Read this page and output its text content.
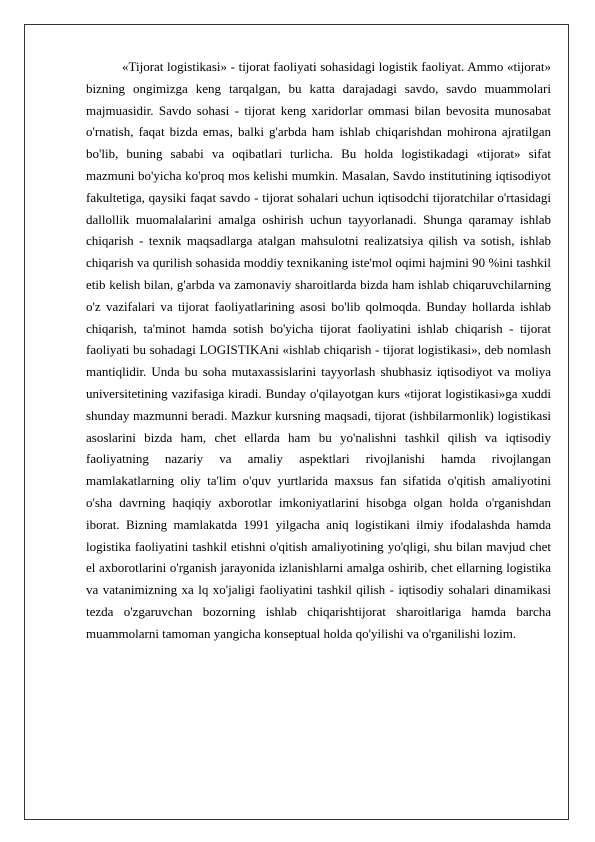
«Tijorat logistikasi» - tijorat faoliyati sohasidagi logistik faoliyat. Ammo «tijorat» bizning ongimizga keng tarqalgan, bu katta darajadagi savdo, savdo muammolari majmuasidir. Savdo sohasi - tijorat keng xaridorlar ommasi bilan bevosita munosabat o'rnatish, faqat bizda emas, balki g'arbda ham ishlab chiqarishdan mohirona ajratilgan bo'lib, buning sababi va oqibatlari turlicha. Bu holda logistikadagi «tijorat» sifat mazmuni bo'yicha ko'proq mos kelishi mumkin. Masalan, Savdo institutining iqtisodiyot fakultetiga, qaysiki faqat savdo - tijorat sohalari uchun iqtisodchi tijoratchilar o'rtasidagi dallollik muomalalarini amalga oshirish uchun tayyorlanadi. Shunga qaramay ishlab chiqarish - texnik maqsadlarga atalgan mahsulotni realizatsiya qilish va sotish, ishlab chiqarish va qurilish sohasida moddiy texnikaning iste'mol oqimi hajmini 90 %ini tashkil etib kelish bilan, g'arbda va zamonaviy sharoitlarda bizda ham ishlab chiqaruvchilarning o'z vazifalari va tijorat faoliyatlarining asosi bo'lib qolmoqda. Bunday hollarda ishlab chiqarish, ta'minot hamda sotish bo'yicha tijorat faoliyatini ishlab chiqarish - tijorat faoliyati bu sohadagi LOGISTIKAni «ishlab chiqarish - tijorat logistikasi», deb nomlash mantiqlidir. Unda bu soha mutaxassislarini tayyorlash shubhasiz iqtisodiyot va moliya universitetining vazifasiga kiradi. Bunday o'qilayotgan kurs «tijorat logistikasi»ga xuddi shunday mazmunni beradi. Mazkur kursning maqsadi, tijorat (ishbilarmonlik) logistikasi asoslarini bizda ham, chet ellarda ham bu yo'nalishni tashkil qilish va iqtisodiy faoliyatning nazariy va amaliy aspektlari rivojlanishi hamda rivojlangan mamlakatlarning oliy ta'lim o'quv yurtlarida maxsus fan sifatida o'qitish amaliyotini o'sha davrning haqiqiy axborotlar imkoniyatlarini hisobga olgan holda o'rganishdan iborat. Bizning mamlakatda 1991 yilgacha aniq logistikani ilmiy ifodalashda hamda logistika faoliyatini tashkil etishni o'qitish amaliyotining yo'qligi, shu bilan mavjud chet el axborotlarini o'rganish jarayonida izlanishlarni amalga oshirib, chet ellarning logistika va vatanimizning xa lq xo'jaligi faoliyatini tashkil qilish - iqtisodiy sohalari dinamikasi tezda o'zgaruvchan bozorning ishlab chiqarishtijorat sharoitlariga hamda barcha muammolarni tamoman yangicha konseptual holda qo'yilishi va o'rganilishi lozim.
